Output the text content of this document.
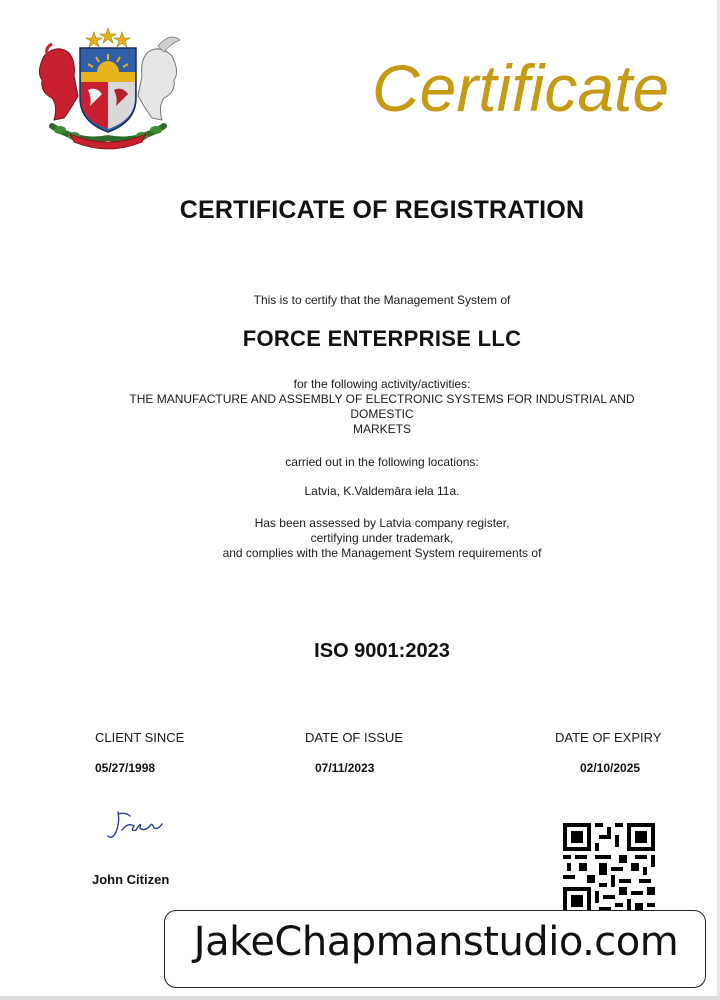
Certificate
CERTIFICATE OF REGISTRATION
This is to certify that the Management System of
FORCE ENTERPRISE LLC
for the following activity/activities:
THE MANUFACTURE AND ASSEMBLY OF ELECTRONIC SYSTEMS FOR INDUSTRIAL AND
DOMESTIC
MARKETS
carried out in the following locations:
Latvia, K.Valdemāra iela 11a.
Has been assessed by Latvia company register,
certifying under trademark,
and complies with the Management System requirements of
ISO 9001:2023
CLIENT SINCE	DATE OF ISSUE	DATE OF EXPIRY
05/27/1998	07/11/2023	02/10/2025
John Citizen
JakeChapmanstudio.com
